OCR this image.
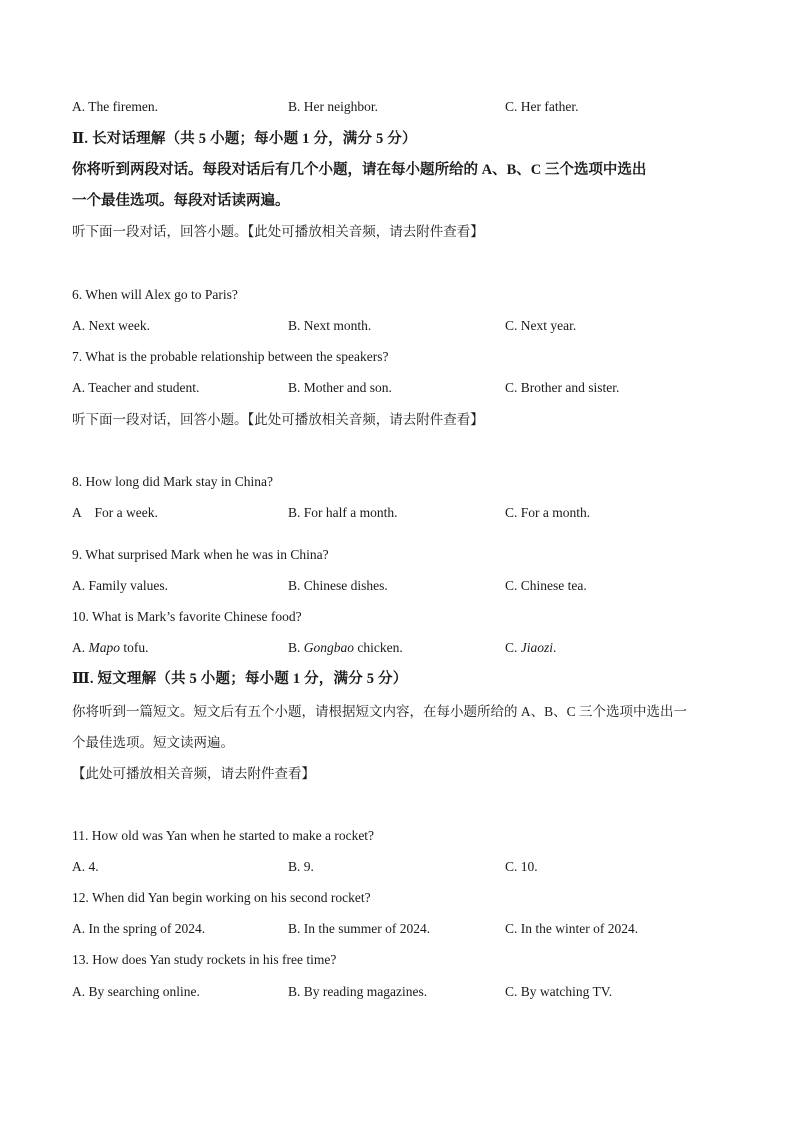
A. The firemen.	B. Her neighbor.	C. Her father.
Ⅱ. 长对话理解（共 5 小题；每小题 1 分，满分 5 分）
你将听到两段对话。每段对话后有几个小题，请在每小题所给的 A、B、C 三个选项中选出
一个最佳选项。每段对话读两遍。
听下面一段对话，回答小题。【此处可播放相关音频，请去附件查看】
6. When will Alex go to Paris?
A. Next week.	B. Next month.	C. Next year.
7. What is the probable relationship between the speakers?
A. Teacher and student.	B. Mother and son.	C. Brother and sister.
听下面一段对话，回答小题。【此处可播放相关音频，请去附件查看】
8. How long did Mark stay in China?
A　For a week.	B. For half a month.	C. For a month.
9. What surprised Mark when he was in China?
A. Family values.	B. Chinese dishes.	C. Chinese tea.
10. What is Mark’s favorite Chinese food?
A. Mapo tofu.	B. Gongbao chicken.	C. Jiaozi.
Ⅲ. 短文理解（共 5 小题；每小题 1 分，满分 5 分）
你将听到一篇短文。短文后有五个小题，请根据短文内容，在每小题所给的 A、B、C 三个选项中选出一
个最佳选项。短文读两遍。
【此处可播放相关音频，请去附件查看】
11. How old was Yan when he started to make a rocket?
A. 4.	B. 9.	C. 10.
12. When did Yan begin working on his second rocket?
A. In the spring of 2024.	B. In the summer of 2024.	C. In the winter of 2024.
13. How does Yan study rockets in his free time?
A. By searching online.	B. By reading magazines.	C. By watching TV.
